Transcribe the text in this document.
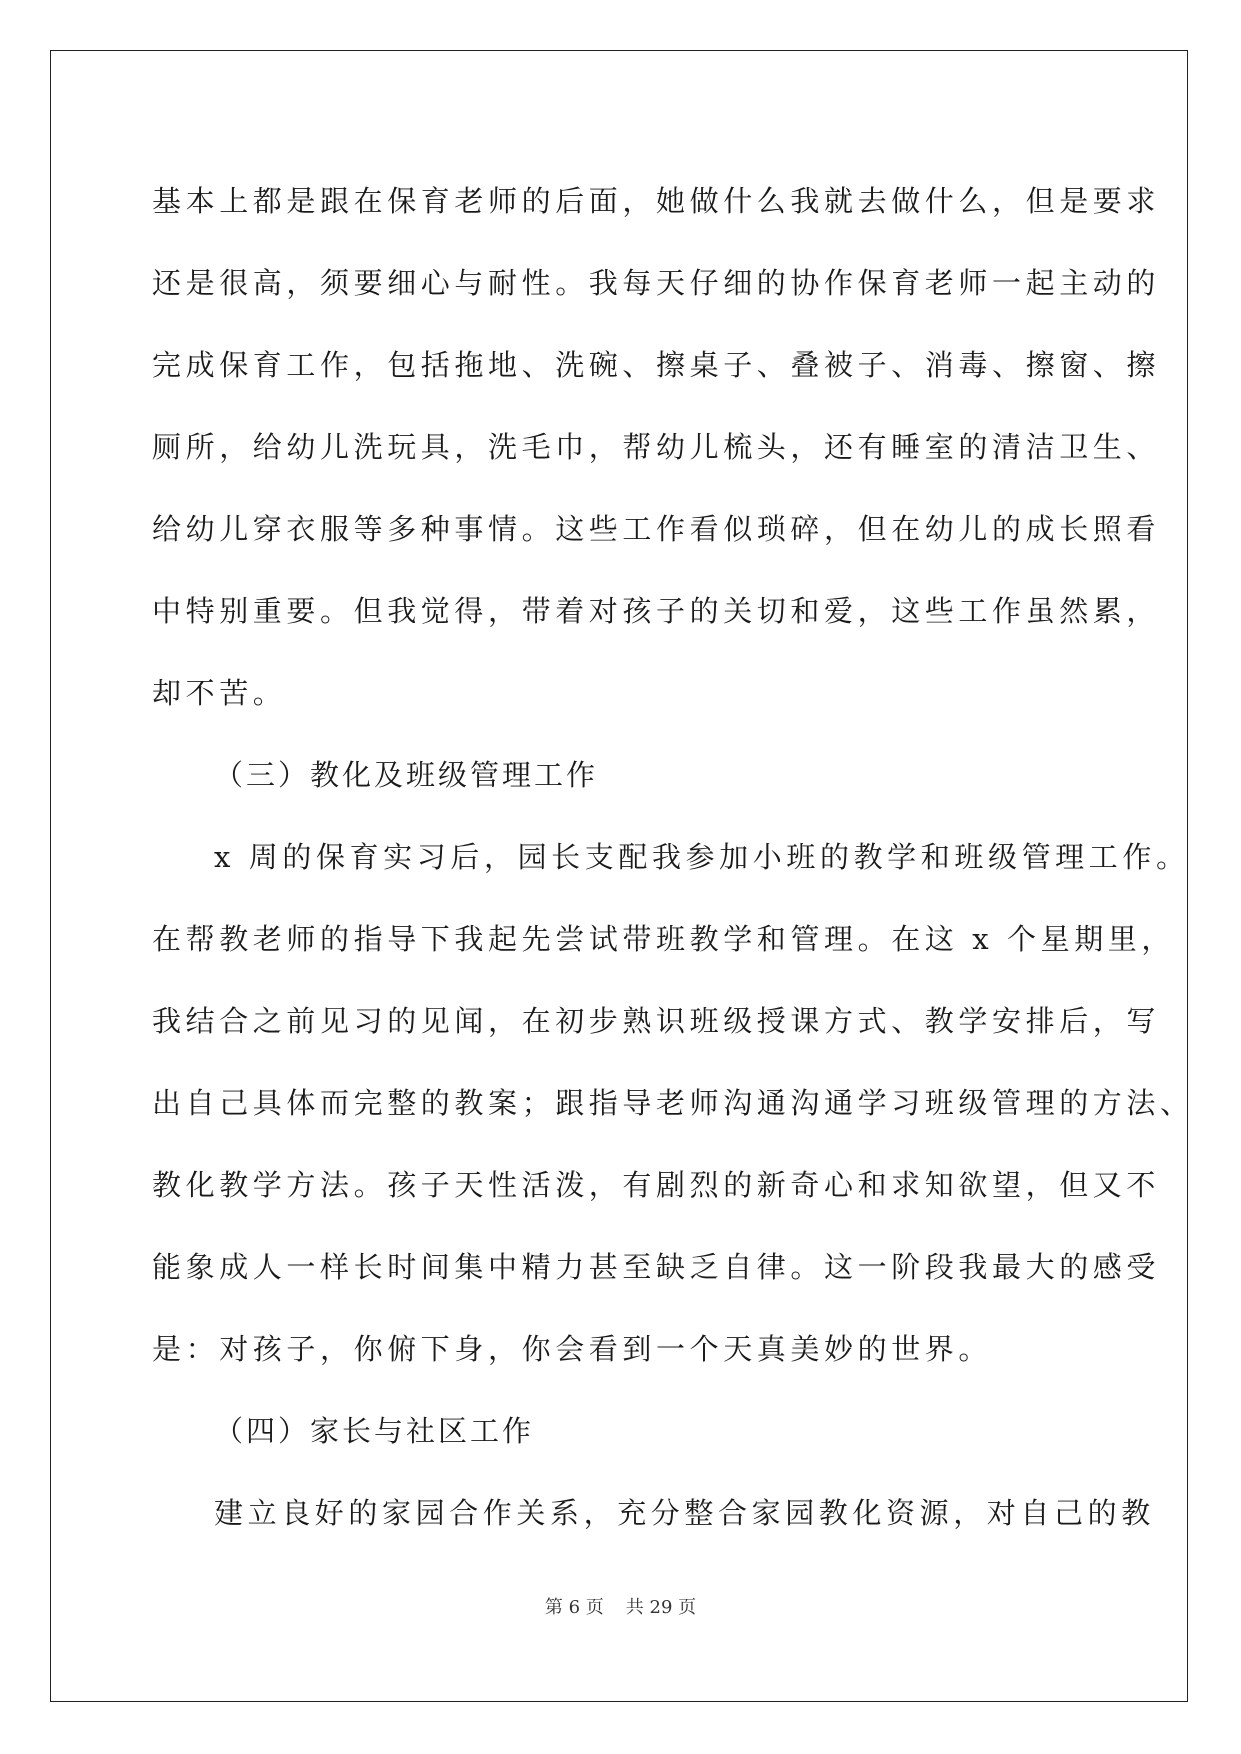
基本上都是跟在保育老师的后面，她做什么我就去做什么，但是要求
还是很高，须要细心与耐性。我每天仔细的协作保育老师一起主动的
完成保育工作，包括拖地、洗碗、擦桌子、叠被子、消毒、擦窗、擦
厕所，给幼儿洗玩具，洗毛巾，帮幼儿梳头，还有睡室的清洁卫生、
给幼儿穿衣服等多种事情。这些工作看似琐碎，但在幼儿的成长照看
中特别重要。但我觉得，带着对孩子的关切和爱，这些工作虽然累，
却不苦。
（三）教化及班级管理工作
x 周的保育实习后，园长支配我参加小班的教学和班级管理工作。
在帮教老师的指导下我起先尝试带班教学和管理。在这 x 个星期里，
我结合之前见习的见闻，在初步熟识班级授课方式、教学安排后，写
出自己具体而完整的教案；跟指导老师沟通沟通学习班级管理的方法、
教化教学方法。孩子天性活泼，有剧烈的新奇心和求知欲望，但又不
能象成人一样长时间集中精力甚至缺乏自律。这一阶段我最大的感受
是：对孩子，你俯下身，你会看到一个天真美妙的世界。
（四）家长与社区工作
建立良好的家园合作关系，充分整合家园教化资源，对自己的教
第 6 页 共 29 页
